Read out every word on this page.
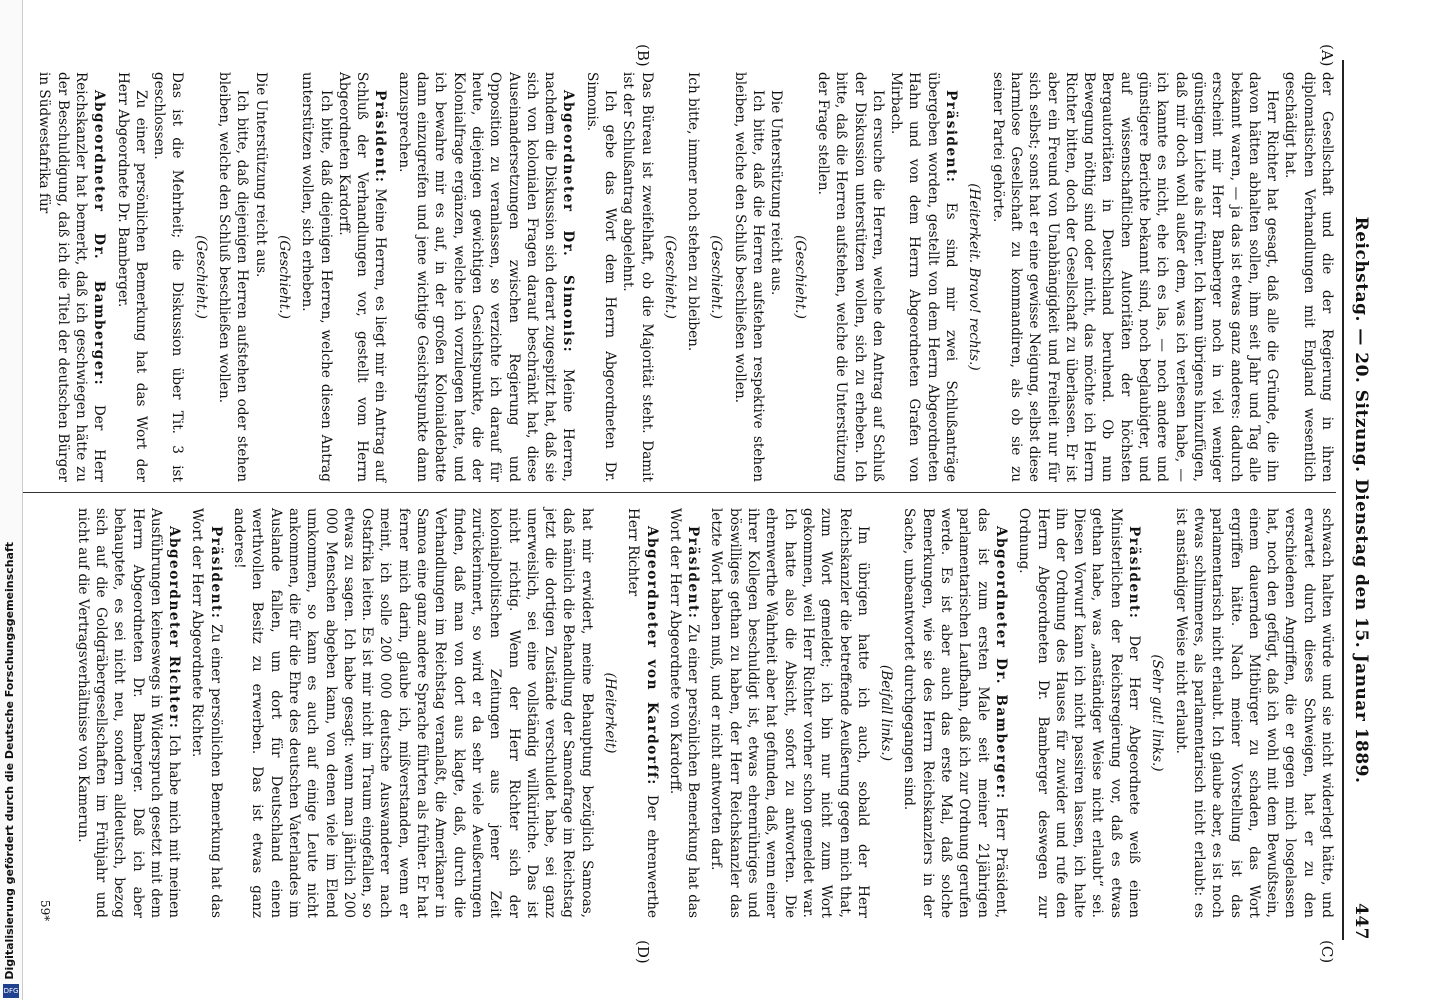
Reichstag. — 20. Sitzung. Dienstag den 15. Januar 1889.
447
(A)
(B)
(C)
(D)

der Gesellschaft und die der Regierung in ihren diplomatischen Verhandlungen mit England wesentlich geschädigt hat.

Herr Richter hat gesagt, daß alle die Gründe, die ihn davon hätten abhalten sollen, ihm seit Jahr und Tag alle bekannt waren, — ja das ist etwas ganz anderes: dadurch erscheint mir Herr Bamberger noch in viel weniger günstigem Lichte als früher. Ich kann übrigens hinzufügen, daß mir doch wohl außer dem, was ich verlesen habe, — ich kannte es nicht, ehe ich es las, — noch andere und günstigere Berichte bekannt sind, noch beglaubigter, und auf wissenschaftlichen Autoritäten der höchsten Bergautoritäten in Deutschland beruhend. Ob nun Bewegung nöthig sind oder nicht, das möchte ich Herrn Richter bitten, doch der Gesellschaft zu überlassen. Er ist aber ein Freund von Unabhängigkeit und Freiheit nur für sich selbst; sonst hat er eine gewisse Neigung, selbst diese harmlose Gesellschaft zu kommandiren, als ob sie zu seiner Partei gehörte.

(Heiterkeit. Bravo! rechts.)

Präsident: Es sind mir zwei Schlußanträge übergeben worden, gestellt von dem Herrn Abgeordneten Hahn und von dem Herrn Abgeordneten Grafen von Mirbach.

Ich ersuche die Herren, welche den Antrag auf Schluß der Diskussion unterstützen wollen, sich zu erheben. Ich bitte, daß die Herren aufstehen, welche die Unterstützung der Frage stellen.

(Geschieht.)

Die Unterstützung reicht aus.

Ich bitte, daß die Herren aufstehen respektive stehen bleiben, welche den Schluß beschließen wollen.

(Geschieht.)

Ich bitte, immer noch stehen zu bleiben.

(Geschieht.)

Das Büreau ist zweifelhaft, ob die Majorität steht. Damit ist der Schlußantrag abgelehnt.

Ich gebe das Wort dem Herrn Abgeordneten Dr. Simonis.

Abgeordneter Dr. Simonis: Meine Herren, nachdem die Diskussion sich derart zugespitzt hat, daß sie sich von kolonialen Fragen darauf beschränkt hat, diese Auseinandersetzungen zwischen Regierung und Opposition zu veranlassen, so verzichte ich darauf für heute, diejenigen gewichtigen Gesichtspunkte, die der Kolonialfrage ergänzen, welche ich vorzulegen hatte, und ich bewahre mir es auf, in der großen Kolonialdebatte dann einzugreifen und jene wichtige Gesichtspunkte dann anzusprechen.

Präsident: Meine Herren, es liegt mir ein Antrag auf Schluß der Verhandlungen vor, gestellt vom Herrn Abgeordneten Kardorff.

Ich bitte, daß diejenigen Herren, welche diesen Antrag unterstützen wollen, sich erheben.

(Geschieht.)

Die Unterstützung reicht aus.

Ich bitte, daß diejenigen Herren aufstehen oder stehen bleiben, welche den Schluß beschließen wollen.

(Geschieht.)

Das ist die Mehrheit; die Diskussion über Tit. 3 ist geschlossen.

Zu einer persönlichen Bemerkung hat das Wort der Herr Abgeordnete Dr. Bamberger.

Abgeordneter Dr. Bamberger: Der Herr Reichskanzler hat bemerkt, daß ich geschwiegen hätte zu der Beschuldigung, daß ich die Titel der deutschen Bürger in Südwestafrika für

schwach halten würde und sie nicht widerlegt hätte, und erwartet durch dieses Schweigen, hat er zu den verschiedenen Angriffen, die er gegen mich losgelassen hat, noch den gefügt, daß ich wohl mit dem Bewußtsein, einem dauernden Mitbürger zu schaden, das Wort ergriffen hätte. Nach meiner Vorstellung ist das parlamentarisch nicht erlaubt. Ich glaube aber, es ist noch etwas schlimmeres, als parlamentarisch nicht erlaubt: es ist anständiger Weise nicht erlaubt.

(Sehr gut! links.)

Präsident: Der Herr Abgeordnete weiß einen Ministerlichen der Reichsregierung vor, daß es etwas gethan habe, was „anständiger Weise nicht erlaubt“ sei. Diesen Vorwurf kann ich nicht passiren lassen, ich halte ihn der Ordnung des Hauses für zuwider und rufe den Herrn Abgeordneten Dr. Bamberger deswegen zur Ordnung.

Abgeordneter Dr. Bamberger: Herr Präsident, das ist zum ersten Male seit meiner 21jährigen parlamentarischen Laufbahn, daß ich zur Ordnung gerufen werde. Es ist aber auch das erste Mal, daß solche Bemerkungen, wie sie des Herrn Reichskanzlers in der Sache, unbeantwortet durchgegangen sind.

(Beifall links.)

Im übrigen hatte ich auch, sobald der Herr Reichskanzler die betreffende Aeußerung gegen mich that, zum Wort gemeldet; ich bin nur nicht zum Wort gekommen, weil Herr Richter vorher schon gemeldet war. Ich hatte also die Absicht, sofort zu antworten. Die ehrenwerthe Wahrheit aber hat gefunden, daß, wenn einer ihrer Kollegen beschuldigt ist, etwas ehrenrühriges und böswilliges gethan zu haben, der Herr Reichskanzler das letzte Wort haben muß, und er nicht antworten darf.

Präsident: Zu einer persönlichen Bemerkung hat das Wort der Herr Abgeordnete von Kardorff.

Abgeordneter von Kardorff: Der ehrenwerthe Herr Richter

(Heiterkeit)

hat mir erwidert, meine Behauptung bezüglich Samoas, daß nämlich die Behandlung der Samoafrage im Reichstag jetzt die dortigen Zustände verschuldet habe, sei ganz unerweislich, sei eine vollständig willkürliche. Das ist nicht richtig. Wenn der Herr Richter sich der kolonialpolitischen Zeitungen aus jener Zeit zurückerinnert, so wird er da sehr viele Aeußerungen finden, daß man von dort aus klagte, daß, durch die Verhandlungen im Reichstag veranlaßt, die Amerikaner in Samoa eine ganz andere Sprache führten als früher. Er hat ferner mich darin, glaube ich, mißverstanden, wenn er meint, ich solle 200 000 deutsche Auswanderer nach Ostafrika leiten. Es ist mir nicht im Traum eingefallen, so etwas zu sagen. Ich habe gesagt: wenn man jährlich 200 000 Menschen abgeben kann, von denen viele im Elend umkommen, so kann es auch auf einige Leute nicht ankommen, die für die Ehre des deutschen Vaterlandes im Auslande fallen, um dort für Deutschland einen werthvollen Besitz zu erwerben. Das ist etwas ganz anderes!

Präsident: Zu einer persönlichen Bemerkung hat das Wort der Herr Abgeordnete Richter.

Abgeordneter Richter: Ich habe mich mit meinen Ausführungen keineswegs in Widerspruch gesetzt mit dem Herrn Abgeordneten Dr. Bamberger. Daß ich aber behauptete, es sei nicht neu, sondern alldeutsch, bezog sich auf die Goldgräbergesellschaften im Frühjahr und nicht auf die Vertragsverhältnisse von Kamerun.

59*
Digitalisierung gefördert durch die Deutsche Forschungsgemeinschaft
DFG
